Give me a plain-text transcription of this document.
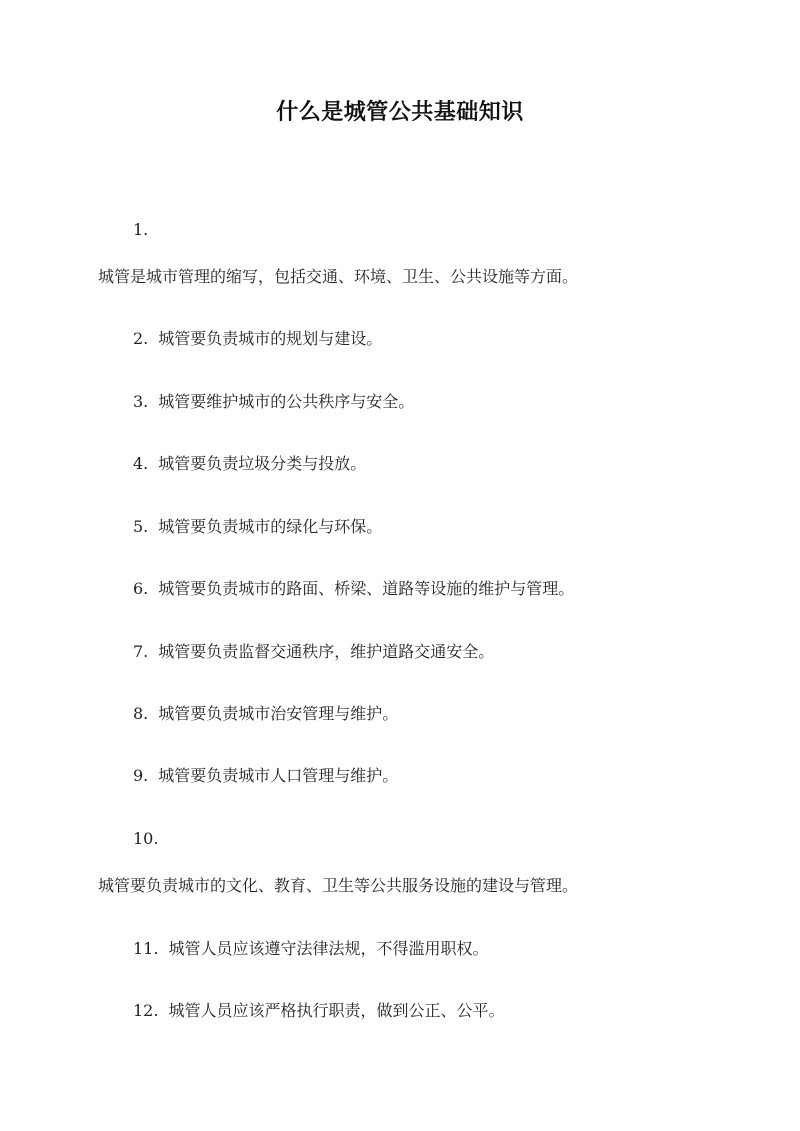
什么是城管公共基础知识
1.
城管是城市管理的缩写，包括交通、环境、卫生、公共设施等方面。
2. 城管要负责城市的规划与建设。
3. 城管要维护城市的公共秩序与安全。
4. 城管要负责垃圾分类与投放。
5. 城管要负责城市的绿化与环保。
6. 城管要负责城市的路面、桥梁、道路等设施的维护与管理。
7. 城管要负责监督交通秩序，维护道路交通安全。
8. 城管要负责城市治安管理与维护。
9. 城管要负责城市人口管理与维护。
10.
城管要负责城市的文化、教育、卫生等公共服务设施的建设与管理。
11. 城管人员应该遵守法律法规，不得滥用职权。
12. 城管人员应该严格执行职责，做到公正、公平。
